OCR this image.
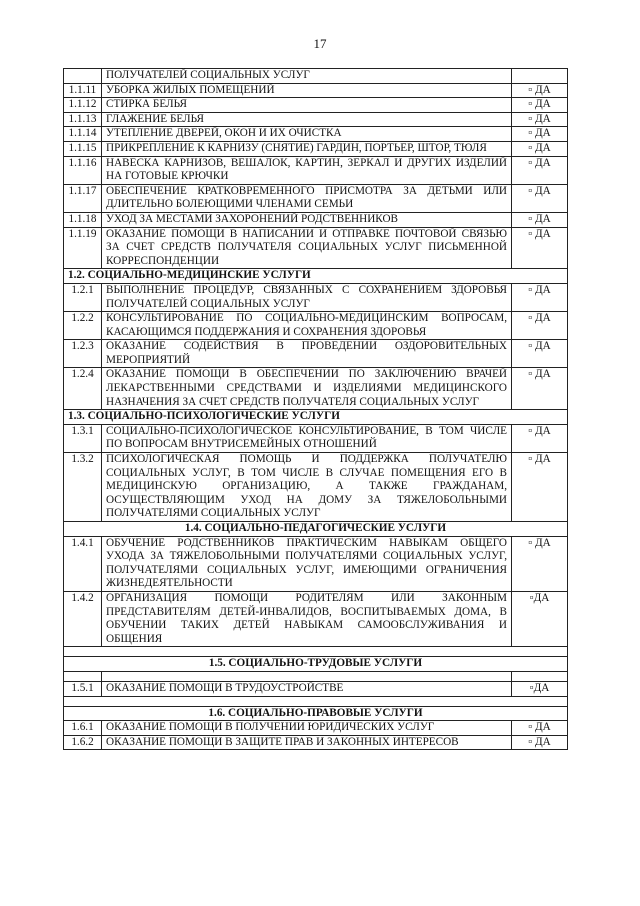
17
	ПОЛУЧАТЕЛЕЙ СОЦИАЛЬНЫХ УСЛУГ	
1.1.11	УБОРКА ЖИЛЫХ ПОМЕЩЕНИЙ	▫ ДА
1.1.12	СТИРКА БЕЛЬЯ	▫ ДА
1.1.13	ГЛАЖЕНИЕ БЕЛЬЯ	▫ ДА
1.1.14	УТЕПЛЕНИЕ ДВЕРЕЙ, ОКОН И ИХ ОЧИСТКА	▫ ДА
1.1.15	ПРИКРЕПЛЕНИЕ К КАРНИЗУ (СНЯТИЕ) ГАРДИН, ПОРТЬЕР, ШТОР, ТЮЛЯ	▫ ДА
1.1.16	НАВЕСКА КАРНИЗОВ, ВЕШАЛОК, КАРТИН, ЗЕРКАЛ И ДРУГИХ ИЗДЕЛИЙ НА ГОТОВЫЕ КРЮЧКИ	▫ ДА
1.1.17	ОБЕСПЕЧЕНИЕ КРАТКОВРЕМЕННОГО ПРИСМОТРА ЗА ДЕТЬМИ ИЛИ ДЛИТЕЛЬНО БОЛЕЮЩИМИ ЧЛЕНАМИ СЕМЬИ	▫ ДА
1.1.18	УХОД ЗА МЕСТАМИ ЗАХОРОНЕНИЙ РОДСТВЕННИКОВ	▫ ДА
1.1.19	ОКАЗАНИЕ ПОМОЩИ В НАПИСАНИИ И ОТПРАВКЕ ПОЧТОВОЙ СВЯЗЬЮ ЗА СЧЕТ СРЕДСТВ ПОЛУЧАТЕЛЯ СОЦИАЛЬНЫХ УСЛУГ ПИСЬМЕННОЙ КОРРЕСПОНДЕНЦИИ	▫ ДА
1.2. СОЦИАЛЬНО-МЕДИЦИНСКИЕ УСЛУГИ		
1.2.1	ВЫПОЛНЕНИЕ ПРОЦЕДУР, СВЯЗАННЫХ С СОХРАНЕНИЕМ ЗДОРОВЬЯ ПОЛУЧАТЕЛЕЙ СОЦИАЛЬНЫХ УСЛУГ	▫ ДА
1.2.2	КОНСУЛЬТИРОВАНИЕ ПО СОЦИАЛЬНО-МЕДИЦИНСКИМ ВОПРОСАМ, КАСАЮЩИМСЯ ПОДДЕРЖАНИЯ И СОХРАНЕНИЯ ЗДОРОВЬЯ	▫ ДА
1.2.3	ОКАЗАНИЕ СОДЕЙСТВИЯ В ПРОВЕДЕНИИ ОЗДОРОВИТЕЛЬНЫХ МЕРОПРИЯТИЙ	▫ ДА
1.2.4	ОКАЗАНИЕ ПОМОЩИ В ОБЕСПЕЧЕНИИ ПО ЗАКЛЮЧЕНИЮ ВРАЧЕЙ ЛЕКАРСТВЕННЫМИ СРЕДСТВАМИ И ИЗДЕЛИЯМИ МЕДИЦИНСКОГО НАЗНАЧЕНИЯ ЗА СЧЕТ СРЕДСТВ ПОЛУЧАТЕЛЯ СОЦИАЛЬНЫХ УСЛУГ	▫ ДА
1.3. СОЦИАЛЬНО-ПСИХОЛОГИЧЕСКИЕ УСЛУГИ		
1.3.1	СОЦИАЛЬНО-ПСИХОЛОГИЧЕСКОЕ КОНСУЛЬТИРОВАНИЕ, В ТОМ ЧИСЛЕ ПО ВОПРОСАМ ВНУТРИСЕМЕЙНЫХ ОТНОШЕНИЙ	▫ ДА
1.3.2	ПСИХОЛОГИЧЕСКАЯ ПОМОЩЬ И ПОДДЕРЖКА ПОЛУЧАТЕЛЮ СОЦИАЛЬНЫХ УСЛУГ, В ТОМ ЧИСЛЕ В СЛУЧАЕ ПОМЕЩЕНИЯ ЕГО В МЕДИЦИНСКУЮ ОРГАНИЗАЦИЮ, А ТАКЖЕ ГРАЖДАНАМ, ОСУЩЕСТВЛЯЮЩИМ УХОД НА ДОМУ ЗА ТЯЖЕЛОБОЛЬНЫМИ ПОЛУЧАТЕЛЯМИ СОЦИАЛЬНЫХ УСЛУГ	▫ ДА
1.4. СОЦИАЛЬНО-ПЕДАГОГИЧЕСКИЕ УСЛУГИ		
1.4.1	ОБУЧЕНИЕ РОДСТВЕННИКОВ ПРАКТИЧЕСКИМ НАВЫКАМ ОБЩЕГО УХОДА ЗА ТЯЖЕЛОБОЛЬНЫМИ ПОЛУЧАТЕЛЯМИ СОЦИАЛЬНЫХ УСЛУГ, ПОЛУЧАТЕЛЯМИ СОЦИАЛЬНЫХ УСЛУГ, ИМЕЮЩИМИ ОГРАНИЧЕНИЯ ЖИЗНЕДЕЯТЕЛЬНОСТИ	▫ ДА
1.4.2	ОРГАНИЗАЦИЯ ПОМОЩИ РОДИТЕЛЯМ ИЛИ ЗАКОННЫМ ПРЕДСТАВИТЕЛЯМ ДЕТЕЙ-ИНВАЛИДОВ, ВОСПИТЫВАЕМЫХ ДОМА, В ОБУЧЕНИИ ТАКИХ ДЕТЕЙ НАВЫКАМ САМООБСЛУЖИВАНИЯ И ОБЩЕНИЯ	▫ДА

1.5. СОЦИАЛЬНО-ТРУДОВЫЕ УСЛУГИ		

1.5.1	ОКАЗАНИЕ ПОМОЩИ В ТРУДОУСТРОЙСТВЕ	▫ДА

1.6. СОЦИАЛЬНО-ПРАВОВЫЕ УСЛУГИ		
1.6.1	ОКАЗАНИЕ ПОМОЩИ В ПОЛУЧЕНИИ ЮРИДИЧЕСКИХ УСЛУГ	▫ ДА
1.6.2	ОКАЗАНИЕ ПОМОЩИ В ЗАЩИТЕ ПРАВ И ЗАКОННЫХ ИНТЕРЕСОВ	▫ ДА
